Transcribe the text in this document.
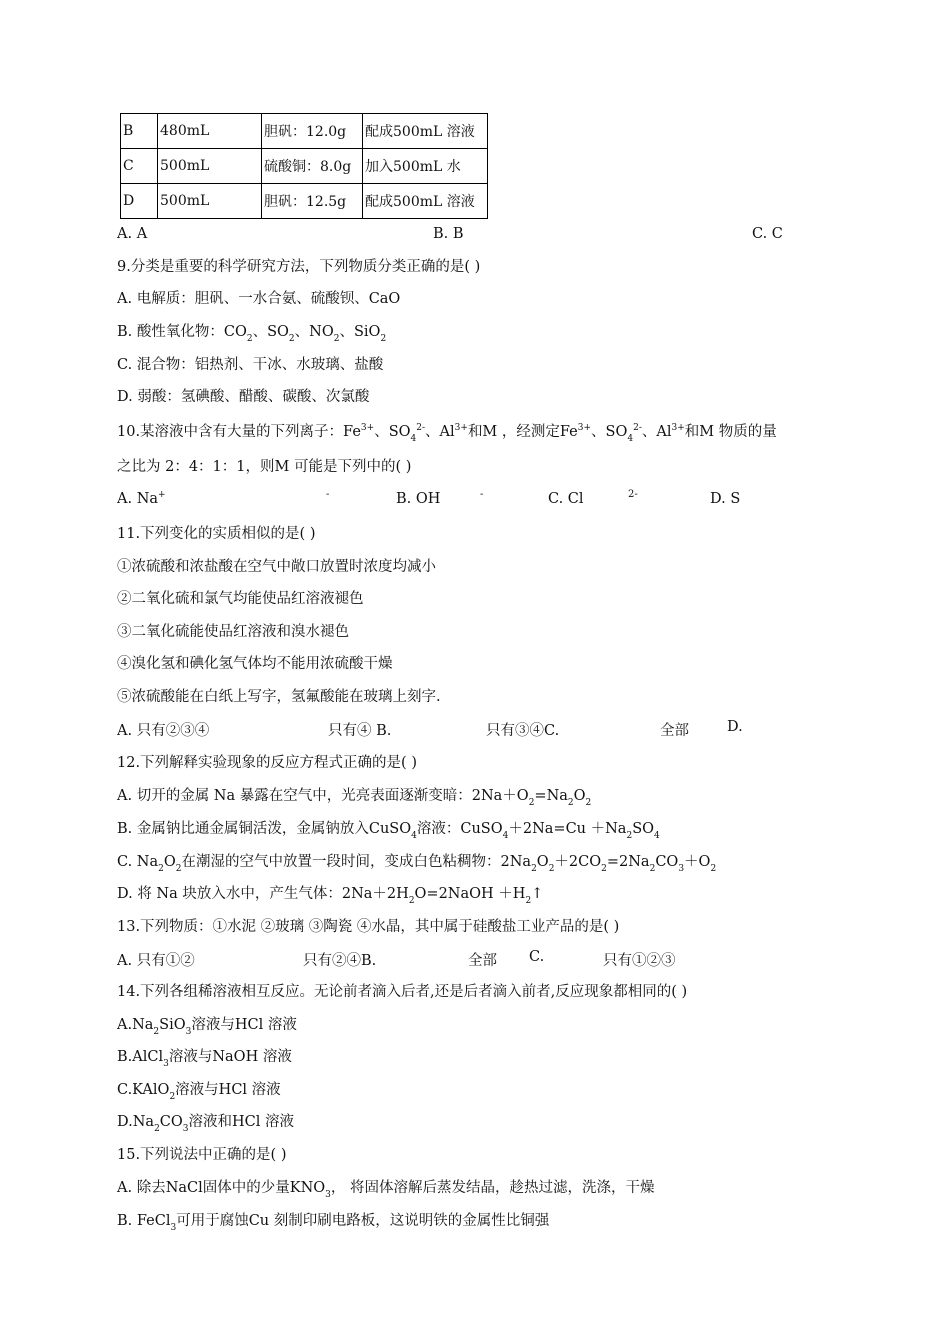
B	480mL	胆矾：12.0g	配成500mL 溶液
C	500mL	硫酸铜：8.0g	加入500mL 水
D	500mL	胆矾：12.5g	配成500mL 溶液
A. A	B. B	C. C
9.分类是重要的科学研究方法，下列物质分类正确的是( )
A. 电解质：胆矾、一水合氨、硫酸钡、CaO
B. 酸性氧化物：$CO_2$、$SO_2$、$NO_2$、SiO$_2$
C. 混合物：铝热剂、干冰、水玻璃、盐酸
D. 弱酸：氢碘酸、醋酸、碳酸、次氯酸
10.某溶液中含有大量的下列离子：$Fe^{3+}$、$SO_4^{2-}$、$Al^{3+}$和M ，经测定$Fe^{3+}$、$SO_4^{2-}$、$Al^{3+}$和M 物质的量
之比为 2：4：1：1，则M 可能是下列中的( )
A. Na+	-	B. OH	-	C. Cl	2-	D. S
11.下列变化的实质相似的是( )
①浓硫酸和浓盐酸在空气中敞口放置时浓度均减小
②二氧化硫和氯气均能使品红溶液褪色
③二氧化硫能使品红溶液和溴水褪色
④溴化氢和碘化氢气体均不能用浓硫酸干燥
⑤浓硫酸能在白纸上写字，氢氟酸能在玻璃上刻字.
A. 只有②③④	只有④ B.	只有③④C.	全部	D.
12.下列解释实验现象的反应方程式正确的是( )
A. 切开的金属 Na 暴露在空气中，光亮表面逐渐变暗：$2Na+O_2=Na_2O_2$
B. 金属钠比通金属铜活泼，金属钠放入CuSO$_4$溶液：CuSO$_4$＋2Na=Cu $+Na_2SO_4$
C. $Na_2O_2$在潮湿的空气中放置一段时间，变成白色粘稠物：$2Na_2O_2+2CO_2=2Na_2CO_3+O_2$
D. 将 Na 块放入水中，产生气体：$2Na+2H_2O=2NaOH$ $+H_2↑$
13.下列物质：①水泥 ②玻璃 ③陶瓷 ④水晶，其中属于硅酸盐工业产品的是( )
A. 只有①②	只有②④B.	全部 C.	只有①②③
14.下列各组稀溶液相互反应。无论前者滴入后者,还是后者滴入前者,反应现象都相同的( )
$A.Na_2SiO_3$溶液与HCl 溶液
B.AlCl$_3$溶液与NaOH 溶液
C.KAlO$_2$溶液与HCl 溶液
$D.Na_2CO_3$溶液和HCl 溶液
15.下列说法中正确的是( )
A. 除去NaCl固体中的少量$KNO_3$， 将固体溶解后蒸发结晶，趁热过滤，洗涤，干燥
B. FeCl$_3$可用于腐蚀Cu 刻制印刷电路板，这说明铁的金属性比铜强
